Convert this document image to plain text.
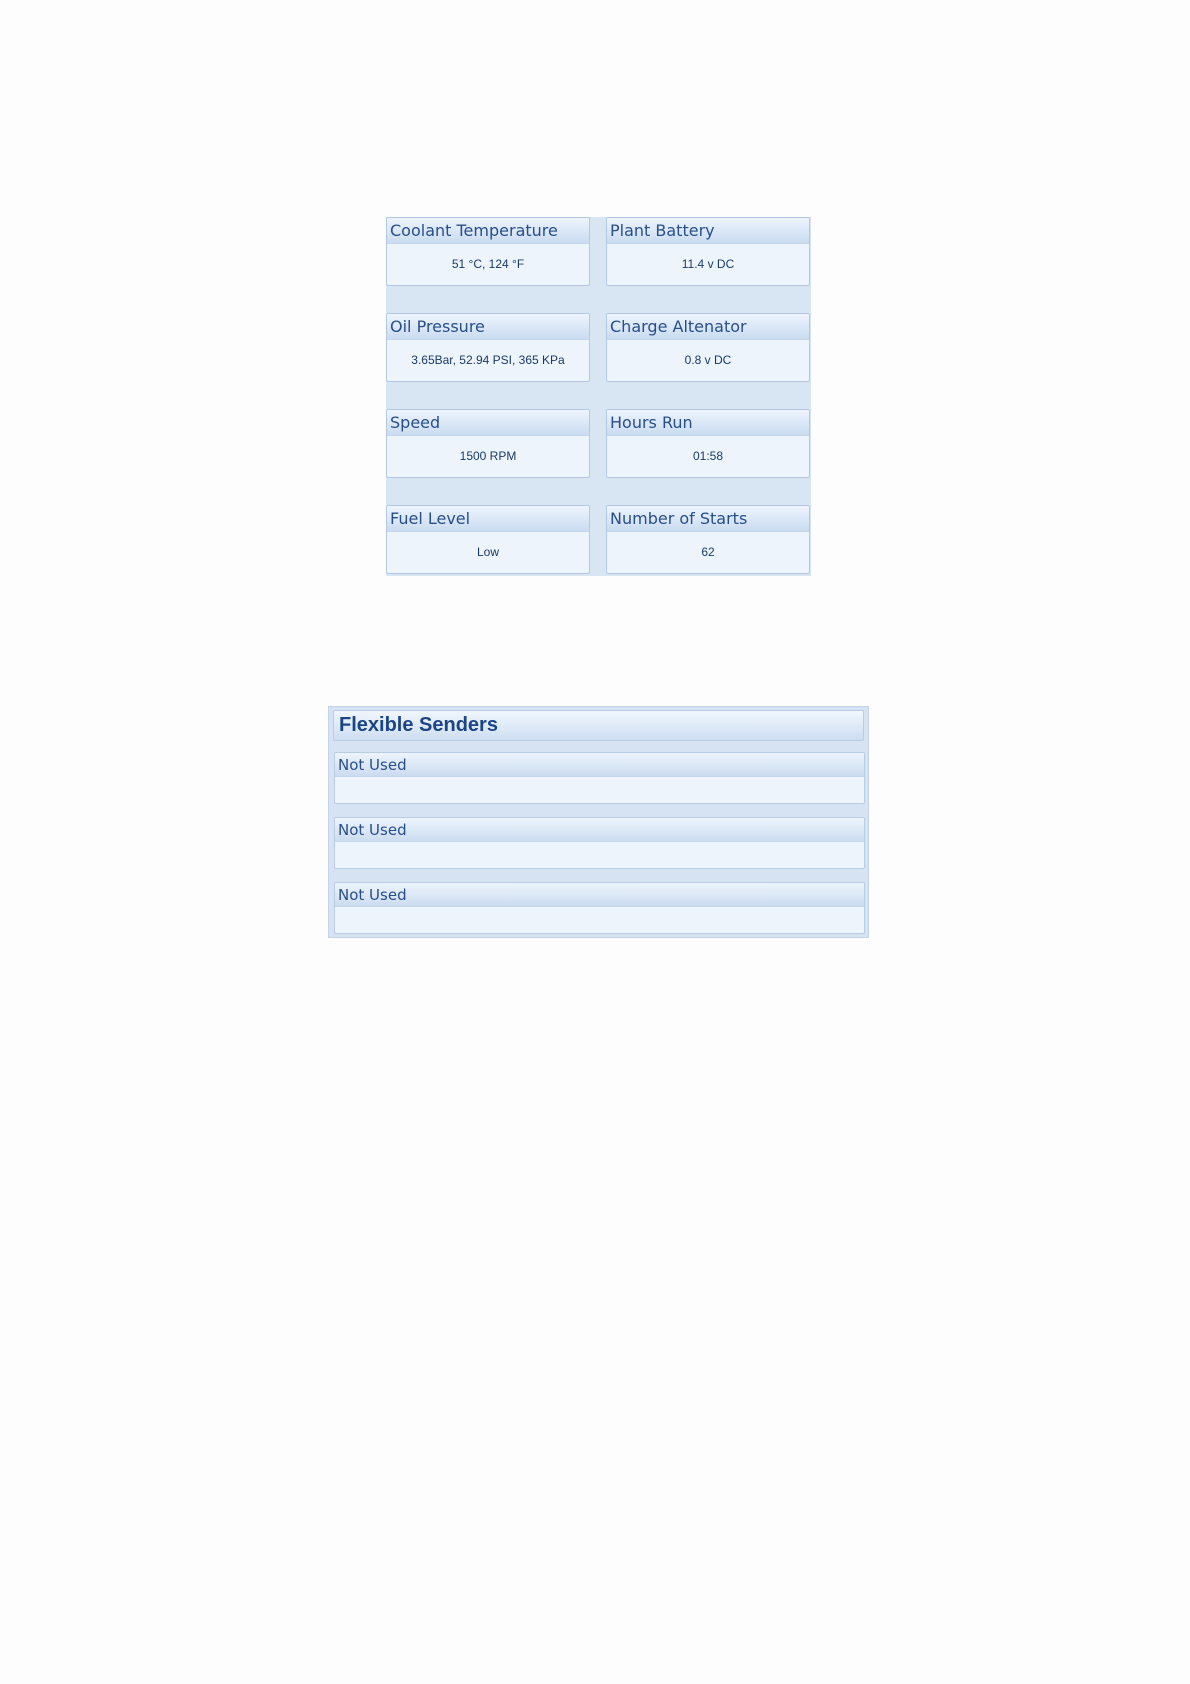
Coolant Temperature
51 °C, 124 °F
Plant Battery
11.4 v DC
Oil Pressure
3.65Bar, 52.94 PSI, 365 KPa
Charge Altenator
0.8 v DC
Speed
1500 RPM
Hours Run
01:58
Fuel Level
Low
Number of Starts
62
Flexible Senders
Not Used
Not Used
Not Used
